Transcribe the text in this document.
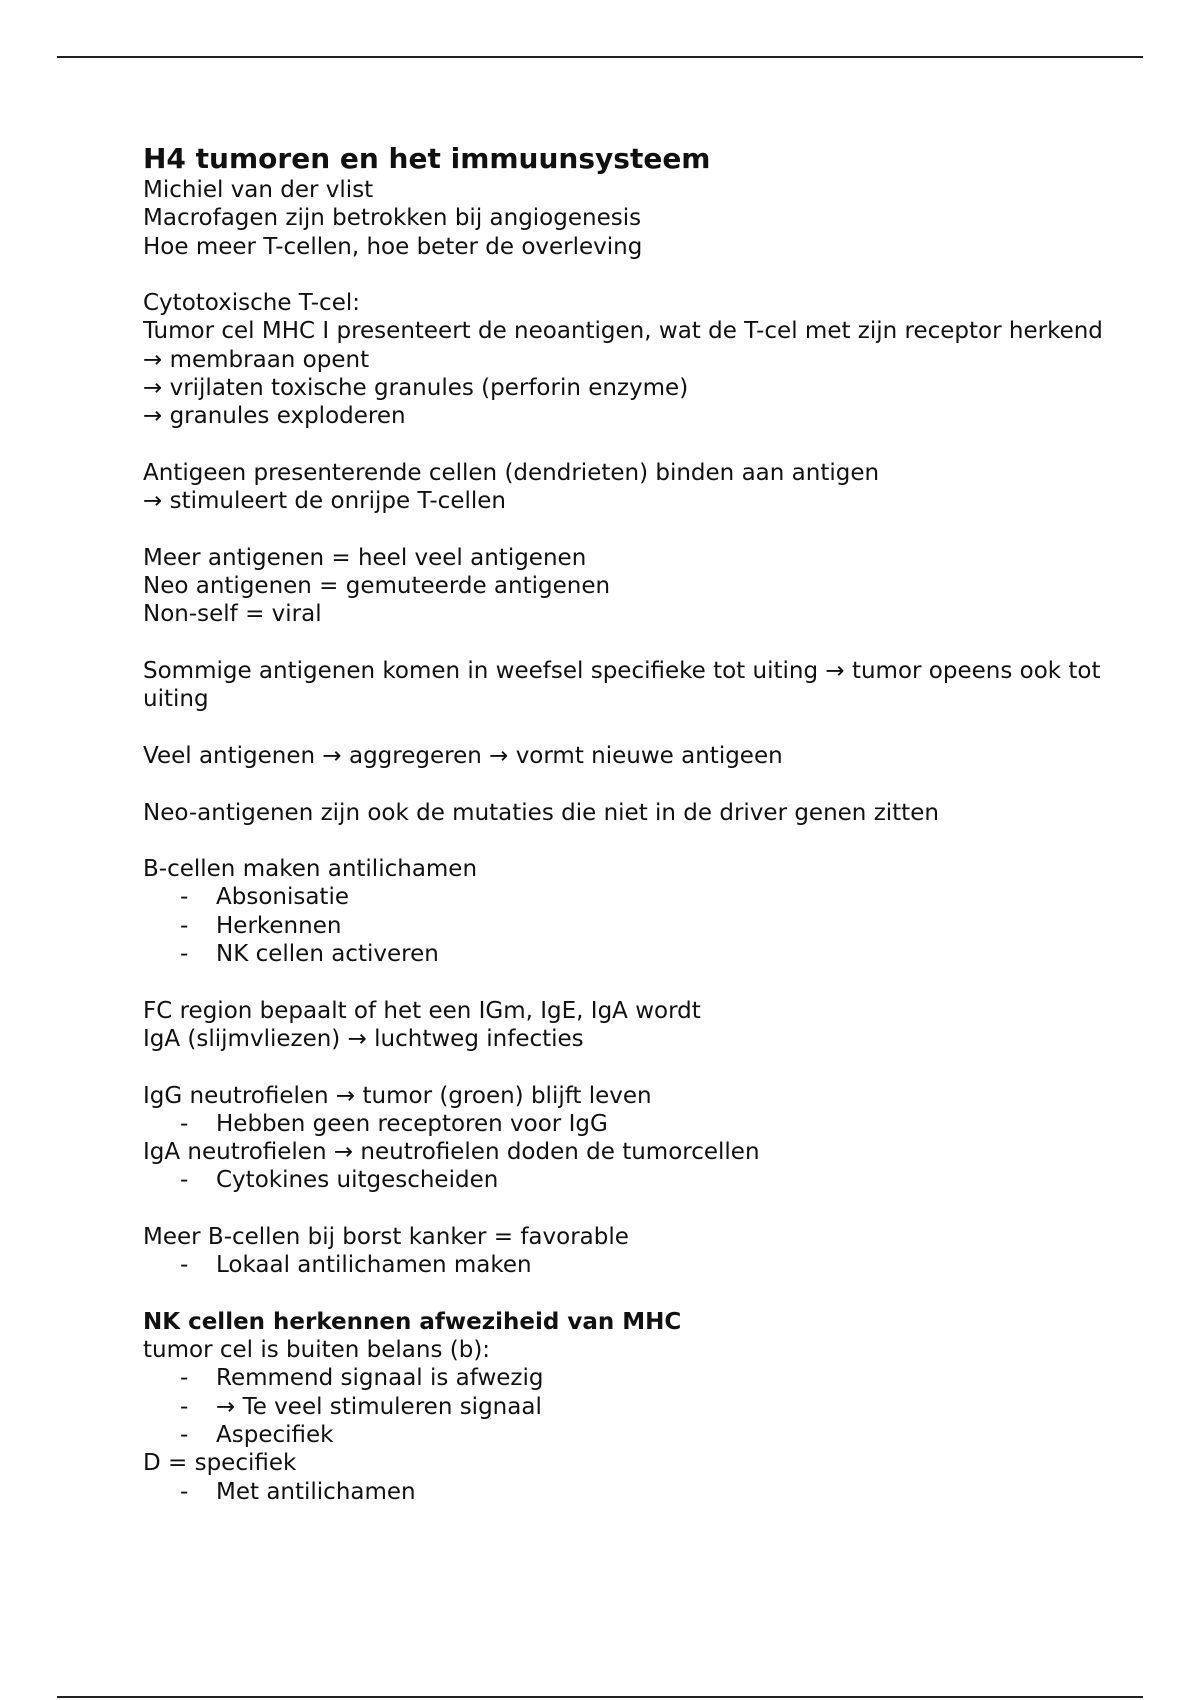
H4 tumoren en het immuunsysteem
Michiel van der vlist
Macrofagen zijn betrokken bij angiogenesis
Hoe meer T-cellen, hoe beter de overleving
Cytotoxische T-cel:
Tumor cel MHC I presenteert de neoantigen, wat de T-cel met zijn receptor herkend
→ membraan opent
→ vrijlaten toxische granules (perforin enzyme)
→ granules exploderen
Antigeen presenterende cellen (dendrieten) binden aan antigen
→ stimuleert de onrijpe T-cellen
Meer antigenen = heel veel antigenen
Neo antigenen = gemuteerde antigenen
Non-self = viral
Sommige antigenen komen in weefsel specifieke tot uiting → tumor opeens ook tot uiting
Veel antigenen → aggregeren → vormt nieuwe antigeen
Neo-antigenen zijn ook de mutaties die niet in de driver genen zitten
B-cellen maken antilichamen
- Absonisatie
- Herkennen
- NK cellen activeren
FC region bepaalt of het een IGm, IgE, IgA wordt
IgA (slijmvliezen) → luchtweg infecties
IgG neutrofielen → tumor (groen) blijft leven
- Hebben geen receptoren voor IgG
IgA neutrofielen → neutrofielen doden de tumorcellen
- Cytokines uitgescheiden
Meer B-cellen bij borst kanker = favorable
- Lokaal antilichamen maken
NK cellen herkennen afweziheid van MHC
tumor cel is buiten belans (b):
- Remmend signaal is afwezig
- → Te veel stimuleren signaal
- Aspecifiek
D = specifiek
- Met antilichamen
